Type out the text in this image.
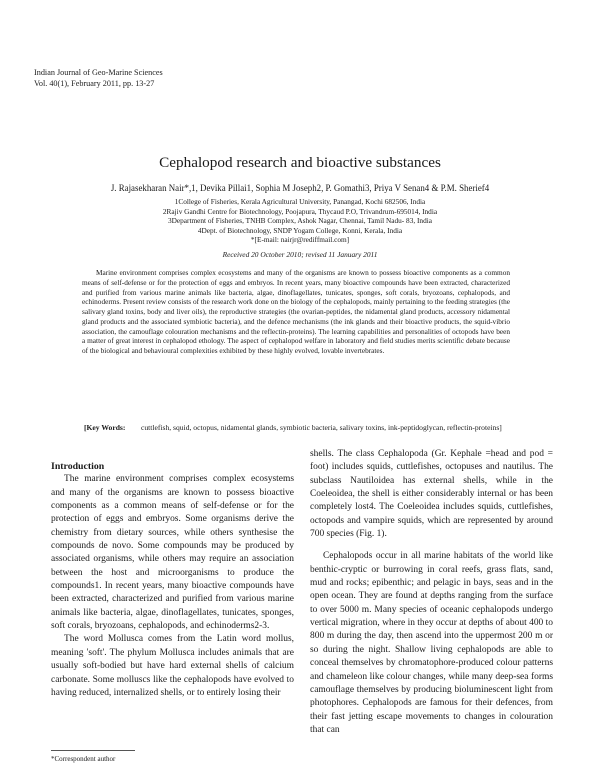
Indian Journal of Geo-Marine Sciences
Vol. 40(1), February 2011, pp. 13-27
Cephalopod research and bioactive substances
J. Rajasekharan Nair*,1, Devika Pillai1, Sophia M Joseph2, P. Gomathi3, Priya V Senan4 & P.M. Sherief4
1College of Fisheries, Kerala Agricultural University, Panangad, Kochi 682506, India
2Rajiv Gandhi Centre for Biotechnology, Poojapura, Thycaud P.O, Trivandrum-695014, India
3Department of Fisheries, TNHB Complex, Ashok Nagar, Chennai, Tamil Nadu- 83, India
4Dept. of Biotechnology, SNDP Yogam College, Konni, Kerala, India
*[E-mail: nairjr@rediffmail.com]
Received 20 October 2010; revised 11 January 2011
Marine environment comprises complex ecosystems and many of the organisms are known to possess bioactive components as a common means of self-defense or for the protection of eggs and embryos. In recent years, many bioactive compounds have been extracted, characterized and purified from various marine animals like bacteria, algae, dinoflagellates, tunicates, sponges, soft corals, bryozoans, cephalopods, and echinoderms. Present review consists of the research work done on the biology of the cephalopods, mainly pertaining to the feeding strategies (the salivary gland toxins, body and liver oils), the reproductive strategies (the ovarian-peptides, the nidamental gland products, accessory nidamental gland products and the associated symbiotic bacteria), and the defence mechanisms (the ink glands and their bioactive products, the squid-vibrio association, the camouflage colouration mechanisms and the reflectin-proteins). The learning capabilities and personalities of octopods have been a matter of great interest in cephalopod ethology. The aspect of cephalopod welfare in laboratory and field studies merits scientific debate because of the biological and behavioural complexities exhibited by these highly evolved, lovable invertebrates.
[Key Words: cuttlefish, squid, octopus, nidamental glands, symbiotic bacteria, salivary toxins, ink-peptidoglycan, reflectin-proteins]
Introduction

The marine environment comprises complex ecosystems and many of the organisms are known to possess bioactive components as a common means of self-defense or for the protection of eggs and embryos. Some organisms derive the chemistry from dietary sources, while others synthesise the compounds de novo. Some compounds may be produced by associated organisms, while others may require an association between the host and microorganisms to produce the compounds1. In recent years, many bioactive compounds have been extracted, characterized and purified from various marine animals like bacteria, algae, dinoflagellates, tunicates, sponges, soft corals, bryozoans, cephalopods, and echinoderms2-3.

The word Mollusca comes from the Latin word mollus, meaning 'soft'. The phylum Mollusca includes animals that are usually soft-bodied but have hard external shells of calcium carbonate. Some molluscs like the cephalopods have evolved to having reduced, internalized shells, or to entirely losing their

shells. The class Cephalopoda (Gr. Kephale =head and pod = foot) includes squids, cuttlefishes, octopuses and nautilus. The subclass Nautiloidea has external shells, while in the Coeleoidea, the shell is either considerably internal or has been completely lost4. The Coeleoidea includes squids, cuttlefishes, octopods and vampire squids, which are represented by around 700 species (Fig. 1).

Cephalopods occur in all marine habitats of the world like benthic-cryptic or burrowing in coral reefs, grass flats, sand, mud and rocks; epibenthic; and pelagic in bays, seas and in the open ocean. They are found at depths ranging from the surface to over 5000 m. Many species of oceanic cephalopods undergo vertical migration, where in they occur at depths of about 400 to 800 m during the day, then ascend into the uppermost 200 m or so during the night. Shallow living cephalopods are able to conceal themselves by chromatophore-produced colour patterns and chameleon like colour changes, while many deep-sea forms camouflage themselves by producing bioluminescent light from photophores. Cephalopods are famous for their defences, from their fast jetting escape movements to changes in colouration that can

*Correspondent author
